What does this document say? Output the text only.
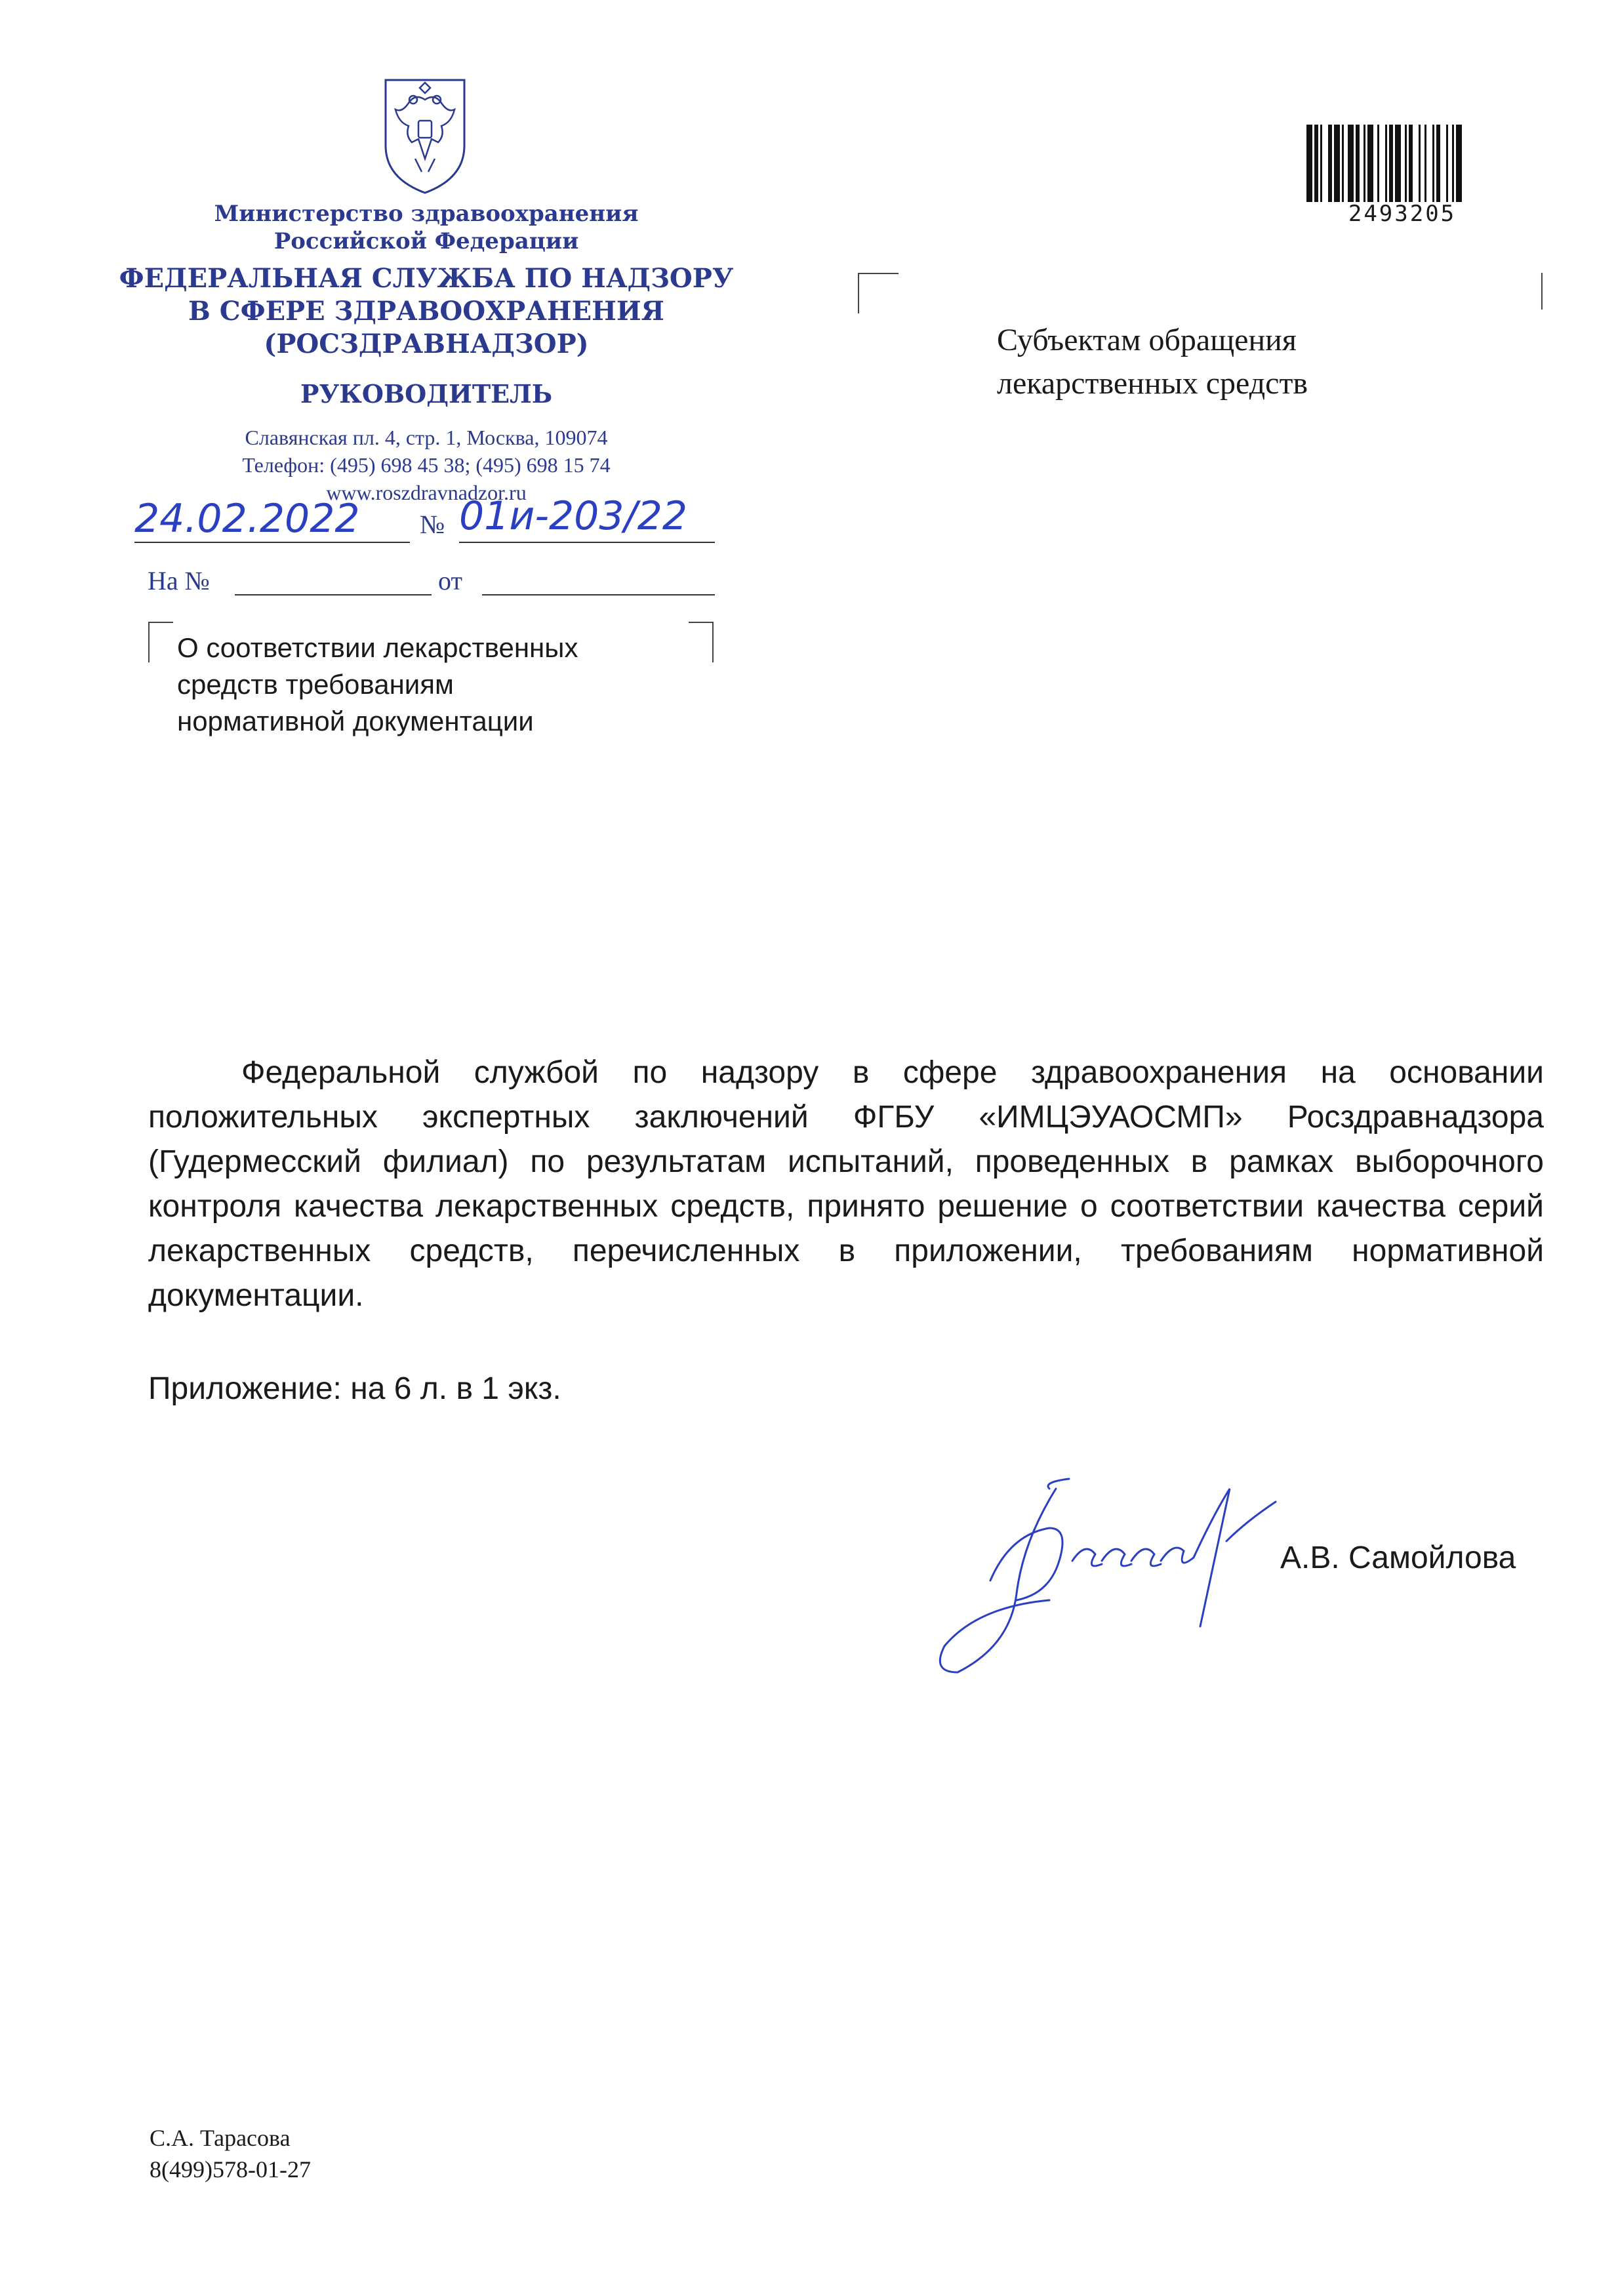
Министерство здравоохранения
Российской Федерации
ФЕДЕРАЛЬНАЯ СЛУЖБА ПО НАДЗОРУ
В СФЕРЕ ЗДРАВООХРАНЕНИЯ
(РОСЗДРАВНАДЗОР)
РУКОВОДИТЕЛЬ
Славянская пл. 4, стр. 1, Москва, 109074
Телефон: (495) 698 45 38; (495) 698 15 74
www.roszdravnadzor.ru
24.02.2022 № 01и-203/22
На №	от
О соответствии лекарственных
средств требованиям
нормативной документации
2493205
Субъектам обращения
лекарственных средств
Федеральной службой по надзору в сфере здравоохранения на основании положительных экспертных заключений ФГБУ «ИМЦЭУАОСМП» Росздравнадзора (Гудермесский филиал) по результатам испытаний, проведенных в рамках выборочного контроля качества лекарственных средств, принято решение о соответствии качества серий лекарственных средств, перечисленных в приложении, требованиям нормативной документации.
Приложение: на 6 л. в 1 экз.
А.В. Самойлова
С.А. Тарасова
8(499)578-01-27
